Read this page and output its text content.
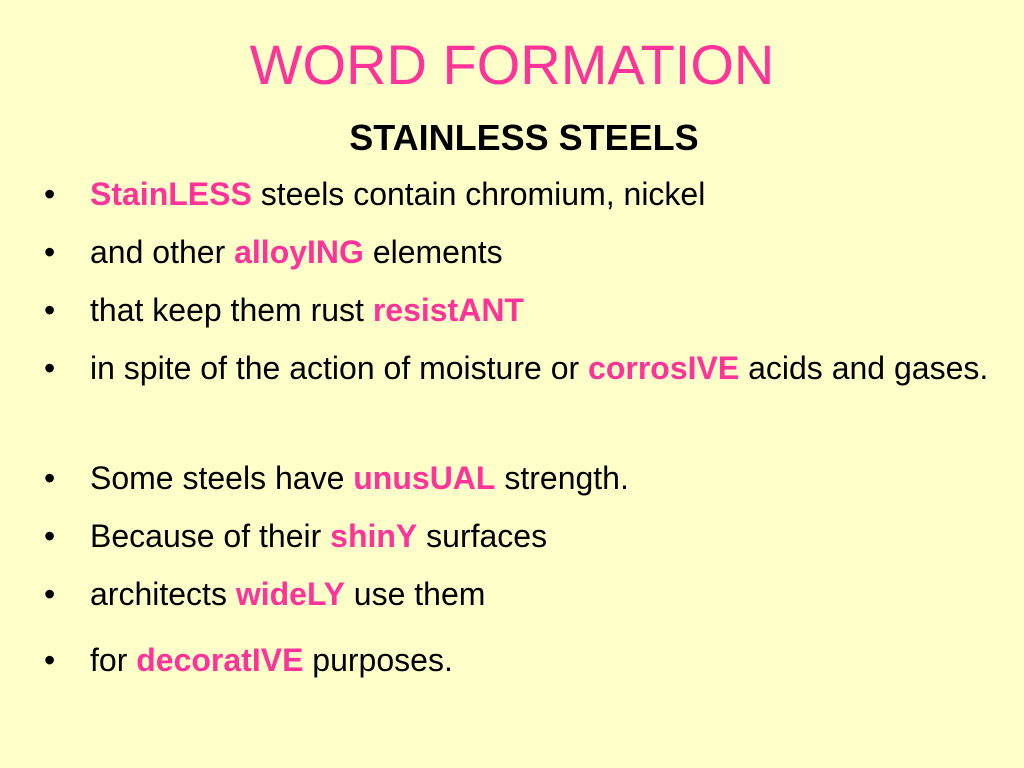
WORD FORMATION
STAINLESS STEELS
• StainLESS steels contain chromium, nickel
• and other alloyING elements
• that keep them rust resistANT
• in spite of the action of moisture or corrosIVE acids and gases.
• Some steels have unusUAL strength.
• Because of their shinY surfaces
• architects wideLY use them
• for decoratIVE purposes.
